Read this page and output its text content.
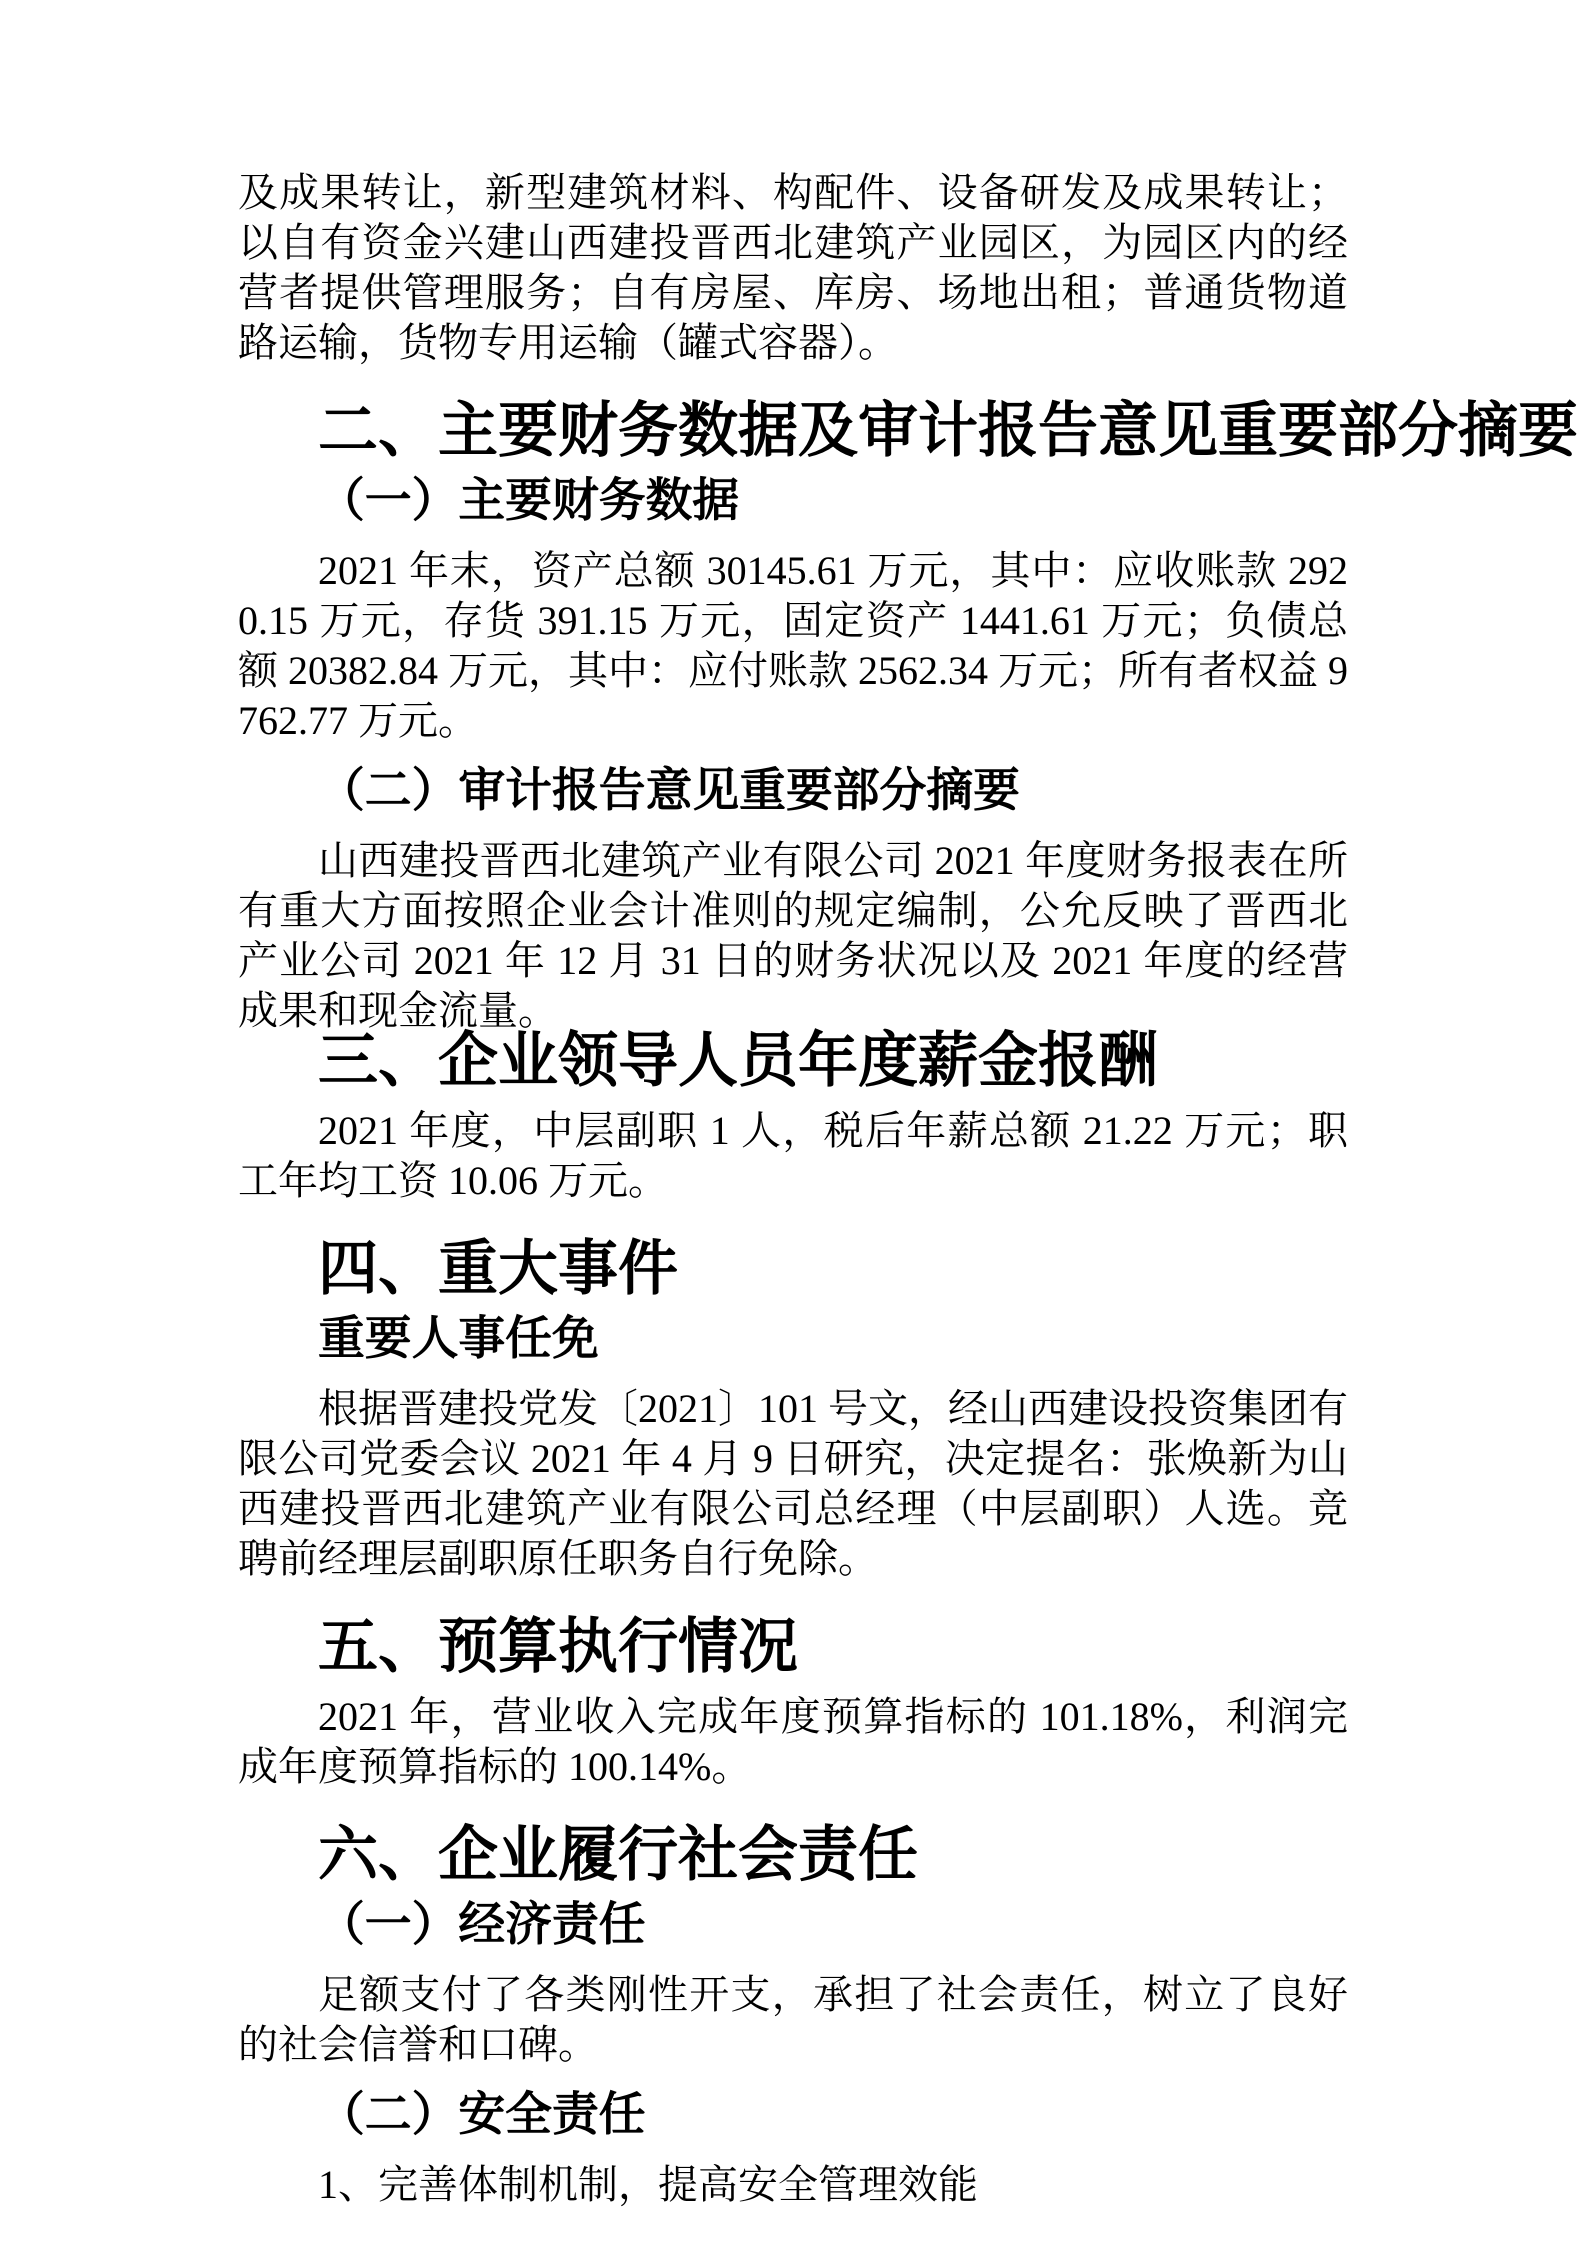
及成果转让，新型建筑材料、构配件、设备研发及成果转让；以自有资金兴建山西建投晋西北建筑产业园区，为园区内的经营者提供管理服务；自有房屋、库房、场地出租；普通货物道路运输，货物专用运输（罐式容器）。

二、主要财务数据及审计报告意见重要部分摘要
（一）主要财务数据

2021 年末，资产总额 30145.61 万元，其中：应收账款 2920.15 万元，存货 391.15 万元，固定资产 1441.61 万元；负债总额 20382.84 万元，其中：应付账款 2562.34 万元；所有者权益 9762.77 万元。

（二）审计报告意见重要部分摘要

山西建投晋西北建筑产业有限公司 2021 年度财务报表在所有重大方面按照企业会计准则的规定编制，公允反映了晋西北产业公司 2021 年 12 月 31 日的财务状况以及 2021 年度的经营成果和现金流量。

三、企业领导人员年度薪金报酬

2021 年度，中层副职 1 人，税后年薪总额 21.22 万元；职工年均工资 10.06 万元。

四、重大事件
重要人事任免

根据晋建投党发〔2021〕101 号文，经山西建设投资集团有限公司党委会议 2021 年 4 月 9 日研究，决定提名：张焕新为山西建投晋西北建筑产业有限公司总经理（中层副职）人选。竞聘前经理层副职原任职务自行免除。

五、预算执行情况

2021 年，营业收入完成年度预算指标的 101.18%，利润完成年度预算指标的 100.14%。

六、企业履行社会责任
（一）经济责任

足额支付了各类刚性开支，承担了社会责任，树立了良好的社会信誉和口碑。

（二）安全责任

1、完善体制机制，提高安全管理效能
